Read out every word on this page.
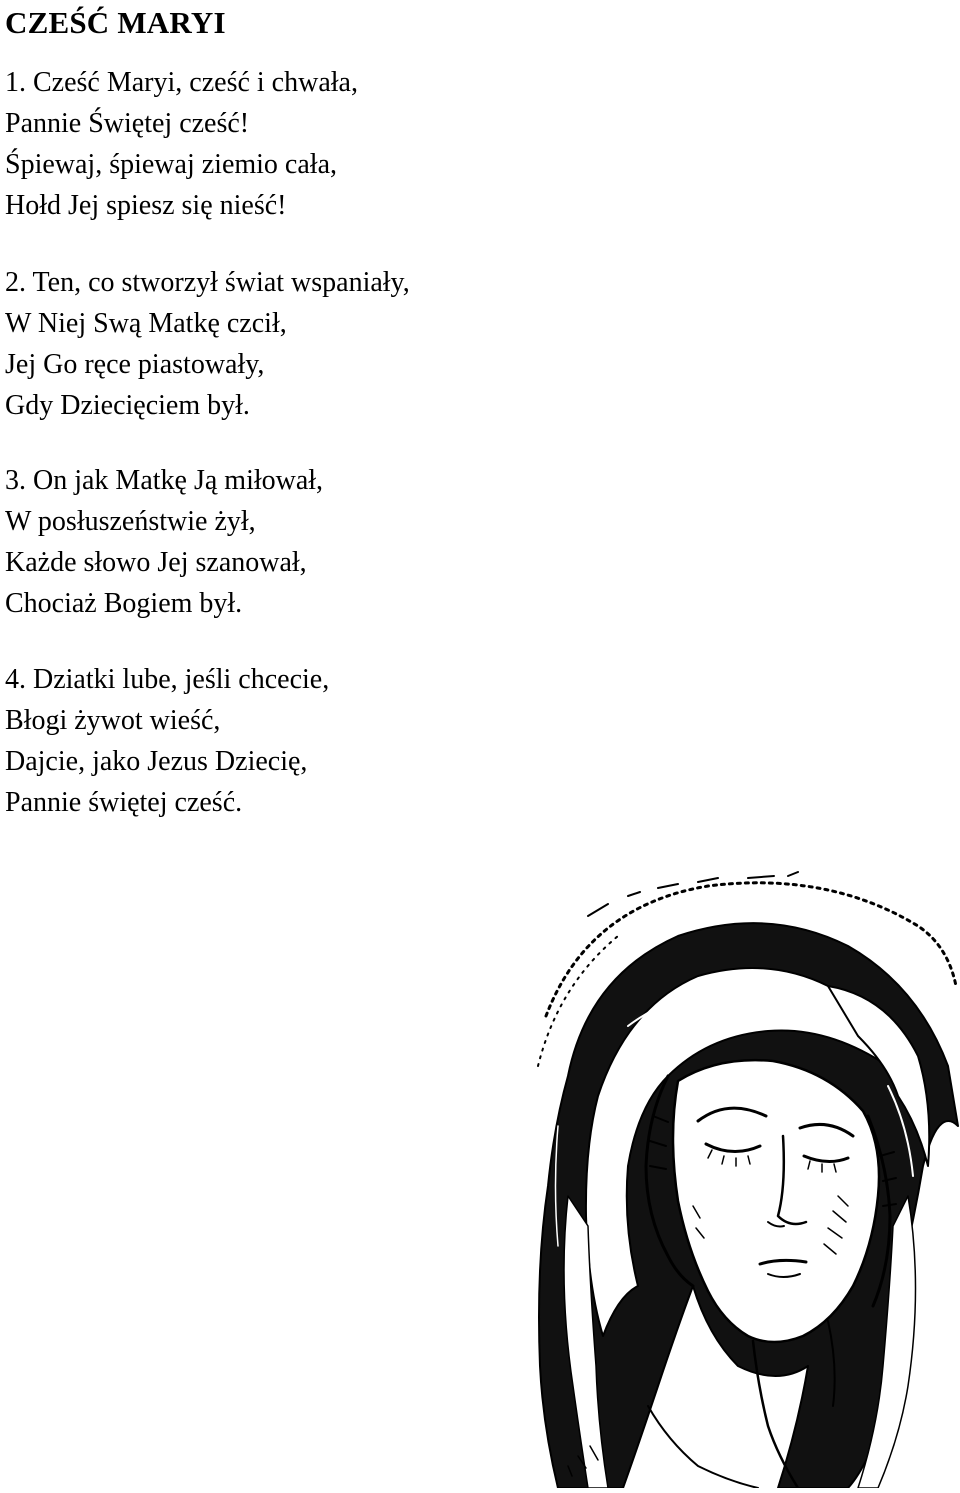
CZEŚĆ MARYI
1. Cześć Maryi, cześć i chwała,
Pannie Świętej cześć!
Śpiewaj, śpiewaj ziemio cała,
Hołd Jej spiesz się nieść!
2. Ten, co stworzył świat wspaniały,
W Niej Swą Matkę czcił,
Jej Go ręce piastowały,
Gdy Dziecięciem był.
3. On jak Matkę Ją miłował,
W posłuszeństwie żył,
Każde słowo Jej szanował,
Chociaż Bogiem był.
4. Dziatki lube, jeśli chcecie,
Błogi żywot wieść,
Dajcie, jako Jezus Dziecię,
Pannie świętej cześć.
